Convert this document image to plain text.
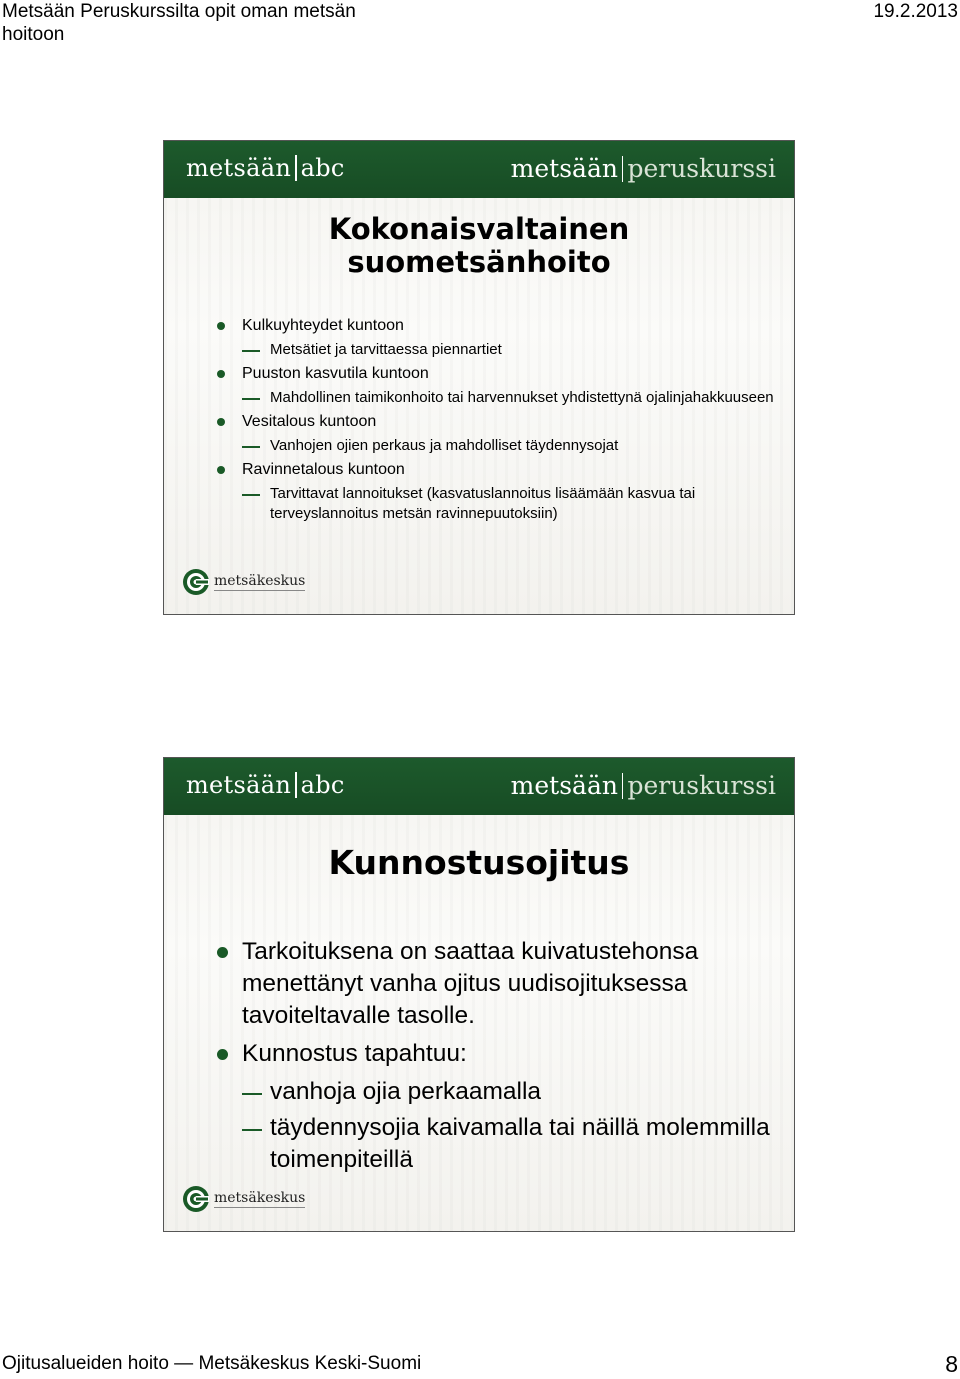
Metsään Peruskurssilta opit oman metsän hoitoon
19.2.2013
metsään abc	metsään peruskurssi
Kokonaisvaltainen
suometsänhoito
Kulkuyhteydet kuntoon
Metsätiet ja tarvittaessa piennartiet
Puuston kasvutila kuntoon
Mahdollinen taimikonhoito tai harvennukset yhdistettynä ojalinjahakkuuseen
Vesitalous kuntoon
Vanhojen ojien perkaus ja mahdolliset täydennysojat
Ravinnetalous kuntoon
Tarvittavat lannoitukset (kasvatuslannoitus lisäämään kasvua tai terveyslannoitus metsän ravinnepuutoksiin)
metsäkeskus
metsään abc	metsään peruskurssi
Kunnostusojitus
Tarkoituksena on saattaa kuivatustehonsa menettänyt vanha ojitus uudisojituksessa tavoiteltavalle tasolle.
Kunnostus tapahtuu:
vanhoja ojia perkaamalla
täydennysojia kaivamalla tai näillä molemmilla toimenpiteillä
metsäkeskus
Ojitusalueiden hoito — Metsäkeskus Keski-Suomi	8
